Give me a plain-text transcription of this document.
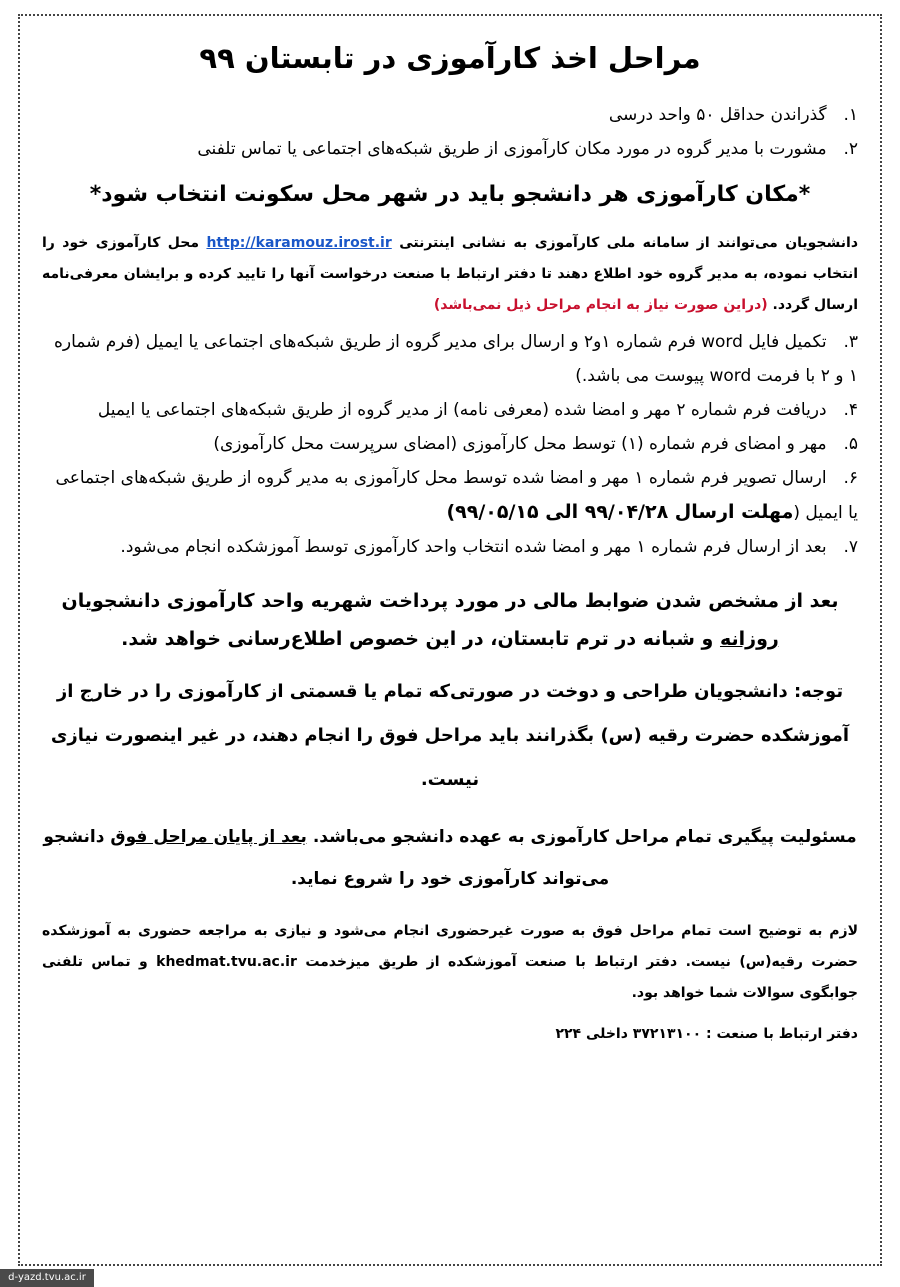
مراحل اخذ کارآموزی در تابستان ۹۹

۱. گذراندن حداقل ۵۰ واحد درسی

۲. مشورت با مدیر گروه در مورد مکان کارآموزی از طریق شبکه‌های اجتماعی یا تماس تلفنی

*مکان کارآموزی هر دانشجو باید در شهر محل سکونت انتخاب شود*

دانشجویان می‌توانند از سامانه ملی کارآموزی به نشانی اینترنتی http://karamouz.irost.ir محل کارآموزی خود را انتخاب نموده، به مدیر گروه خود اطلاع دهند تا دفتر ارتباط با صنعت درخواست آنها را تایید کرده و برایشان معرفی‌نامه ارسال گردد. (دراین صورت نیاز به انجام مراحل ذیل نمی‌باشد)

۳. تکمیل فایل word فرم شماره ۱و۲ و ارسال برای مدیر گروه از طریق شبکه‌های اجتماعی یا ایمیل (فرم شماره ۱ و ۲ با فرمت word پیوست می باشد.)

۴. دریافت فرم شماره ۲ مهر و امضا شده (معرفی نامه) از مدیر گروه از طریق شبکه‌های اجتماعی یا ایمیل

۵. مهر و امضای فرم شماره (۱) توسط محل کارآموزی (امضای سرپرست محل کارآموزی)

۶. ارسال تصویر فرم شماره ۱ مهر و امضا شده توسط محل کارآموزی به مدیر گروه از طریق شبکه‌های اجتماعی یا ایمیل (مهلت ارسال ۹۹/۰۴/۲۸ الی ۹۹/۰۵/۱۵)

۷. بعد از ارسال فرم شماره ۱ مهر و امضا شده انتخاب واحد کارآموزی توسط آموزشکده انجام می‌شود.

بعد از مشخص شدن ضوابط مالی در مورد پرداخت شهریه واحد کارآموزی دانشجویان روزانه و شبانه در ترم تابستان، در این خصوص اطلاع‌رسانی خواهد شد.
توجه: دانشجویان طراحی و دوخت در صورتی‌که تمام یا قسمتی از کارآموزی را در خارج از آموزشکده حضرت رقیه (س) بگذرانند باید مراحل فوق را انجام دهند، در غیر اینصورت نیازی نیست.
مسئولیت پیگیری تمام مراحل کارآموزی به عهده دانشجو می‌باشد. بعد از پایان مراحل فوق دانشجو می‌تواند کارآموزی خود را شروع نماید.

لازم به توضیح است تمام مراحل فوق به صورت غیرحضوری انجام می‌شود و نیازی به مراجعه حضوری به آموزشکده حضرت رقیه(س) نیست. دفتر ارتباط با صنعت آموزشکده از طریق میزخدمت khedmat.tvu.ac.ir و تماس تلفنی جوابگوی سوالات شما خواهد بود.

دفتر ارتباط با صنعت : ۳۷۲۱۳۱۰۰ داخلی ۲۲۴

d-yazd.tvu.ac.ir
